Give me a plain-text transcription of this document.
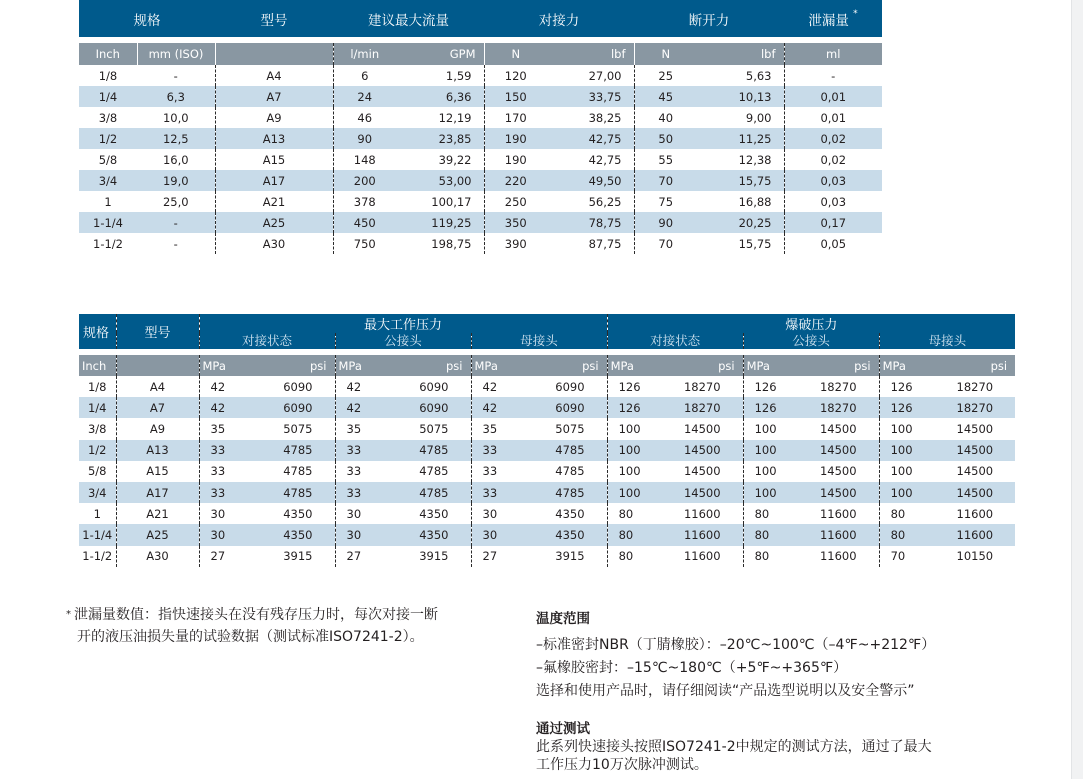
规格		型号	建议最大流量		对接力		断开力		泄漏量 *

Inch	mm (ISO)		l/min	GPM	N	lbf	N	lbf	ml
1/8	-	A4	6	1,59	120	27,00	25	5,63	-
1/4	6,3	A7	24	6,36	150	33,75	45	10,13	0,01
3/8	10,0	A9	46	12,19	170	38,25	40	9,00	0,01
1/2	12,5	A13	90	23,85	190	42,75	50	11,25	0,02
5/8	16,0	A15	148	39,22	190	42,75	55	12,38	0,02
3/4	19,0	A17	200	53,00	220	49,50	70	15,75	0,03
1	25,0	A21	378	100,17	250	56,25	75	16,88	0,03
1-1/4	-	A25	450	119,25	350	78,75	90	20,25	0,17
1-1/2	-	A30	750	198,75	390	87,75	70	15,75	0,05
规格	型号	最大工作压力						爆破压力					
		对接状态		公接头		母接头		对接状态		公接头		母接头	

Inch		MPa	psi	MPa	psi	MPa	psi	MPa	psi	MPa	psi	MPa	psi
1/8	A4	42	6090	42	6090	42	6090	126	18270	126	18270	126	18270
1/4	A7	42	6090	42	6090	42	6090	126	18270	126	18270	126	18270
3/8	A9	35	5075	35	5075	35	5075	100	14500	100	14500	100	14500
1/2	A13	33	4785	33	4785	33	4785	100	14500	100	14500	100	14500
5/8	A15	33	4785	33	4785	33	4785	100	14500	100	14500	100	14500
3/4	A17	33	4785	33	4785	33	4785	100	14500	100	14500	100	14500
1	A21	30	4350	30	4350	30	4350	80	11600	80	11600	80	11600
1-1/4	A25	30	4350	30	4350	30	4350	80	11600	80	11600	80	11600
1-1/2	A30	27	3915	27	3915	27	3915	80	11600	80	11600	70	10150
* 泄漏量数值：指快速接头在没有残存压力时，每次对接一断
开的液压油损失量的试验数据（测试标准ISO7241-2）。
温度范围

–标准密封NBR（丁腈橡胶）：–20℃~100℃（–4℉~+212℉）

–氟橡胶密封：–15℃~180℃（+5℉~+365℉）

选择和使用产品时，请仔细阅读“产品选型说明以及安全警示”

通过测试

此系列快速接头按照ISO7241-2中规定的测试方法，通过了最大

工作压力10万次脉冲测试。
